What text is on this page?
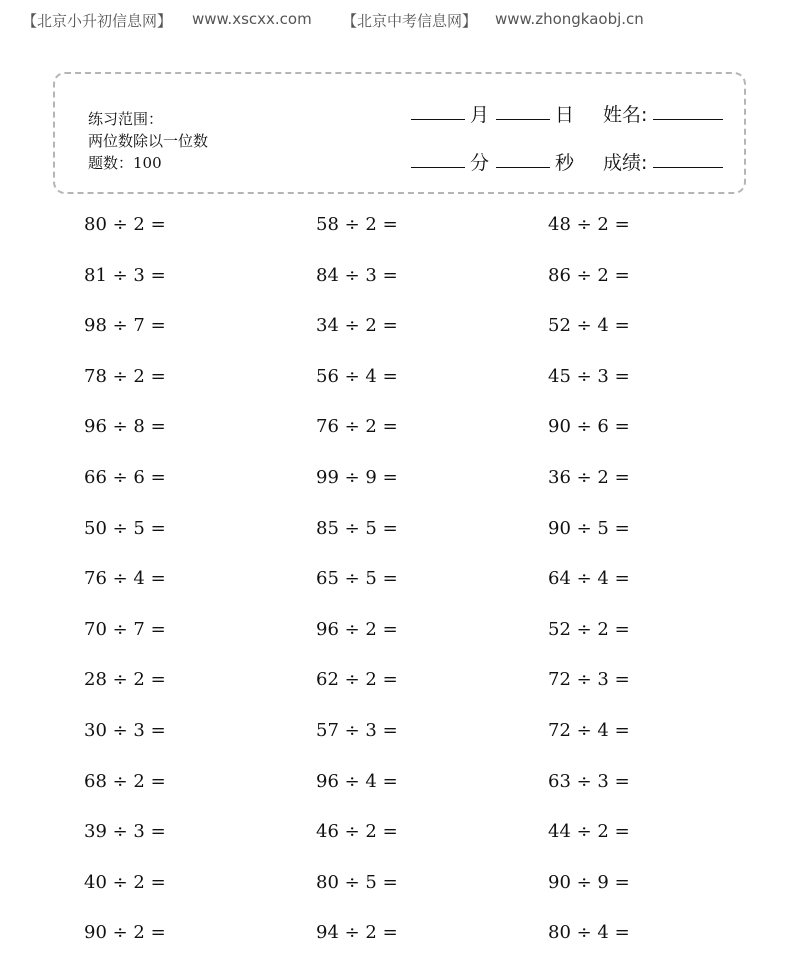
【北京小升初信息网】 www.xscxx.com 【北京中考信息网】 www.zhongkaobj.cn
练习范围：
两位数除以一位数
题数：100
月	日 姓名:
分	秒 成绩:
80 ÷ 2 =	58 ÷ 2 =	48 ÷ 2 =
81 ÷ 3 =	84 ÷ 3 =	86 ÷ 2 =
98 ÷ 7 =	34 ÷ 2 =	52 ÷ 4 =
78 ÷ 2 =	56 ÷ 4 =	45 ÷ 3 =
96 ÷ 8 =	76 ÷ 2 =	90 ÷ 6 =
66 ÷ 6 =	99 ÷ 9 =	36 ÷ 2 =
50 ÷ 5 =	85 ÷ 5 =	90 ÷ 5 =
76 ÷ 4 =	65 ÷ 5 =	64 ÷ 4 =
70 ÷ 7 =	96 ÷ 2 =	52 ÷ 2 =
28 ÷ 2 =	62 ÷ 2 =	72 ÷ 3 =
30 ÷ 3 =	57 ÷ 3 =	72 ÷ 4 =
68 ÷ 2 =	96 ÷ 4 =	63 ÷ 3 =
39 ÷ 3 =	46 ÷ 2 =	44 ÷ 2 =
40 ÷ 2 =	80 ÷ 5 =	90 ÷ 9 =
90 ÷ 2 =	94 ÷ 2 =	80 ÷ 4 =
